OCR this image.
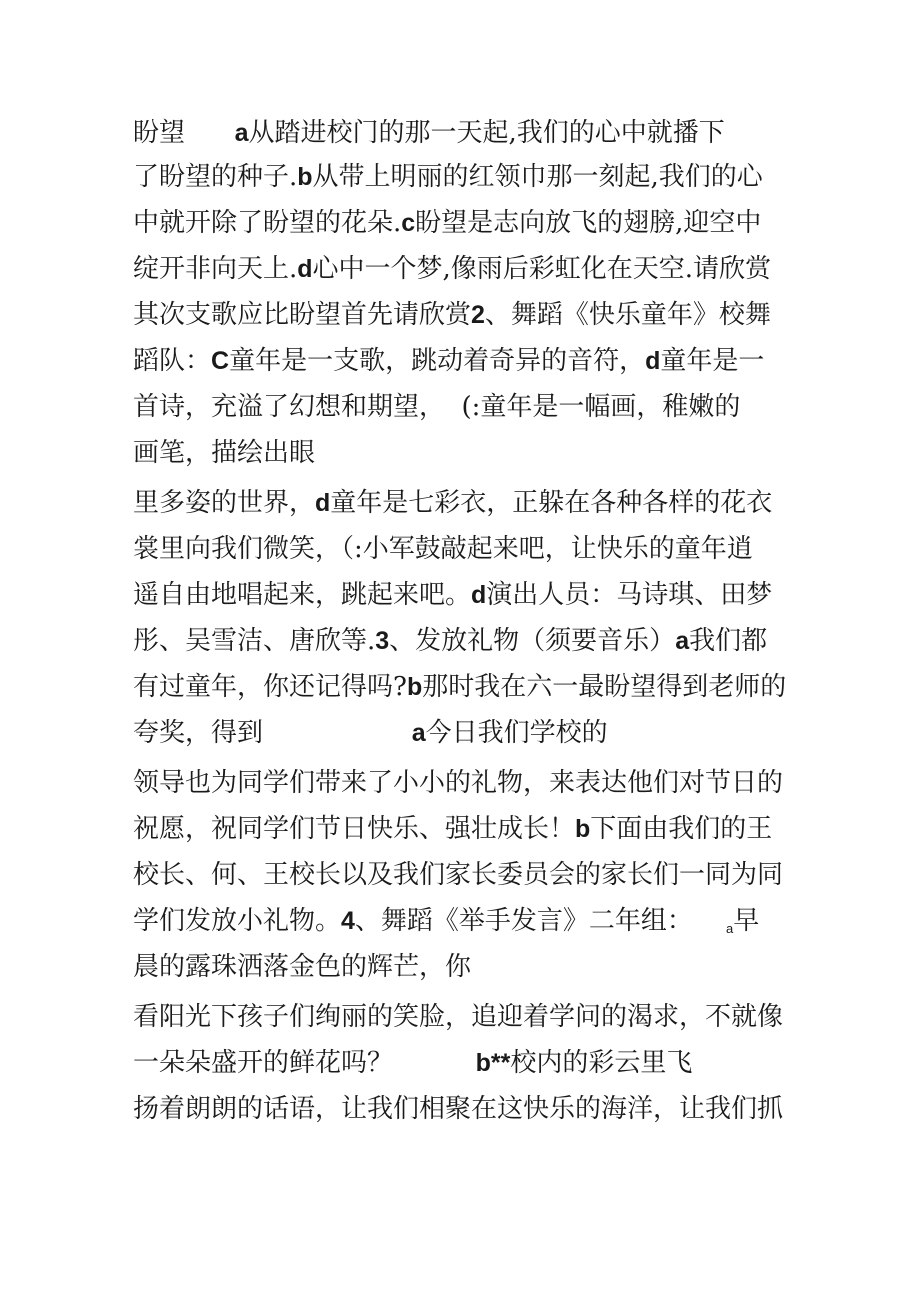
盼望      a从踏进校门的那一天起,我们的心中就播下
了盼望的种子.b从带上明丽的红领巾那一刻起,我们的心
中就开除了盼望的花朵.c盼望是志向放飞的翅膀,迎空中
绽开非向天上.d心中一个梦,像雨后彩虹化在天空.请欣赏
其次支歌应比盼望首先请欣赏2、舞蹈《快乐童年》校舞
蹈队：C童年是一支歌，跳动着奇异的音符，d童年是一
首诗，充溢了幻想和期望，  (:童年是一幅画，稚嫩的
画笔，描绘出眼
里多姿的世界，d童年是七彩衣，正躲在各种各样的花衣
裳里向我们微笑，（:小军鼓敲起来吧，让快乐的童年逍
遥自由地唱起来，跳起来吧。d演出人员：马诗琪、田梦
彤、吴雪洁、唐欣等.3、发放礼物（须要音乐）a我们都
有过童年，你还记得吗?b那时我在六一最盼望得到老师的
夸奖，得到                  a今日我们学校的
领导也为同学们带来了小小的礼物，来表达他们对节日的
祝愿，祝同学们节日快乐、强壮成长！b下面由我们的王
校长、何、王校长以及我们家长委员会的家长们一同为同
学们发放小礼物。4、舞蹈《举手发言》二年组：    a早
晨的露珠洒落金色的辉芒，你
看阳光下孩子们绚丽的笑脸，追迎着学问的渴求，不就像
一朵朵盛开的鲜花吗？          b**校内的彩云里飞
扬着朗朗的话语，让我们相聚在这快乐的海洋，让我们抓
